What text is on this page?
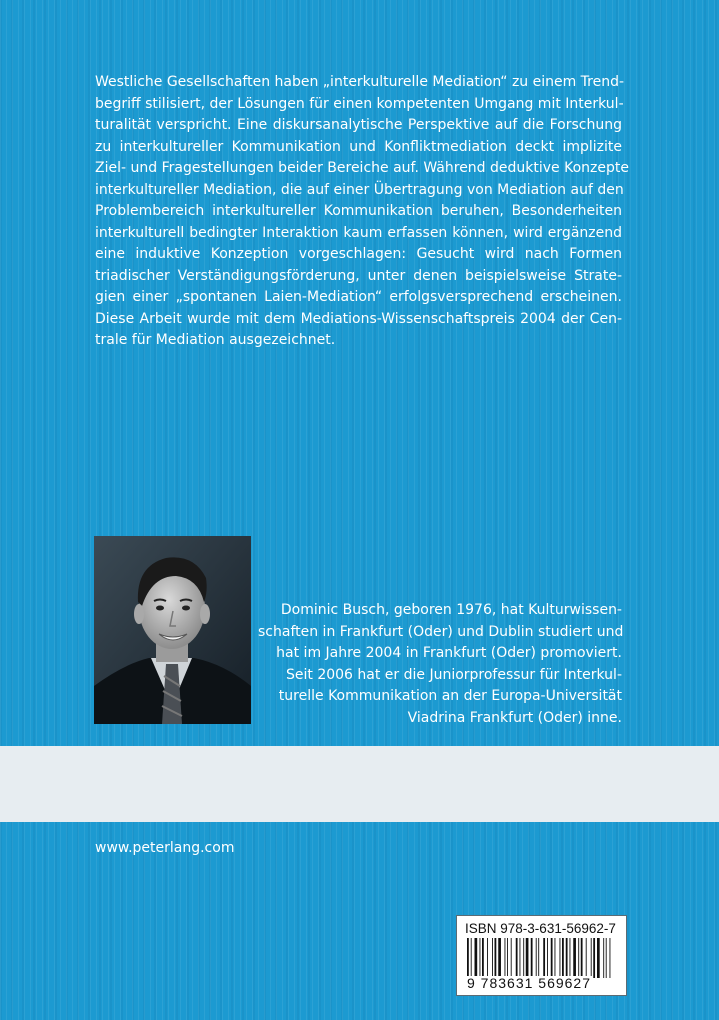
Westliche Gesellschaften haben „interkulturelle Mediation“ zu einem Trend-
begriff stilisiert, der Lösungen für einen kompetenten Umgang mit Interkul-
turalität verspricht. Eine diskursanalytische Perspektive auf die Forschung
zu interkultureller Kommunikation und Konfliktmediation deckt implizite
Ziel- und Fragestellungen beider Bereiche auf. Während deduktive Konzepte
interkultureller Mediation, die auf einer Übertragung von Mediation auf den
Problembereich interkultureller Kommunikation beruhen, Besonderheiten
interkulturell bedingter Interaktion kaum erfassen können, wird ergänzend
eine induktive Konzeption vorgeschlagen: Gesucht wird nach Formen
triadischer Verständigungsförderung, unter denen beispielsweise Strate-
gien einer „spontanen Laien-Mediation“ erfolgsversprechend erscheinen.
Diese Arbeit wurde mit dem Mediations-Wissenschaftspreis 2004 der Cen-
trale für Mediation ausgezeichnet.

Dominic Busch, geboren 1976, hat Kulturwissen-
schaften in Frankfurt (Oder) und Dublin studiert und
hat im Jahre 2004 in Frankfurt (Oder) promoviert.
Seit 2006 hat er die Juniorprofessur für Interkul-
turelle Kommunikation an der Europa-Universität
Viadrina Frankfurt (Oder) inne.
www.peterlang.com
ISBN 978-3-631-56962-7
9 783631 569627
